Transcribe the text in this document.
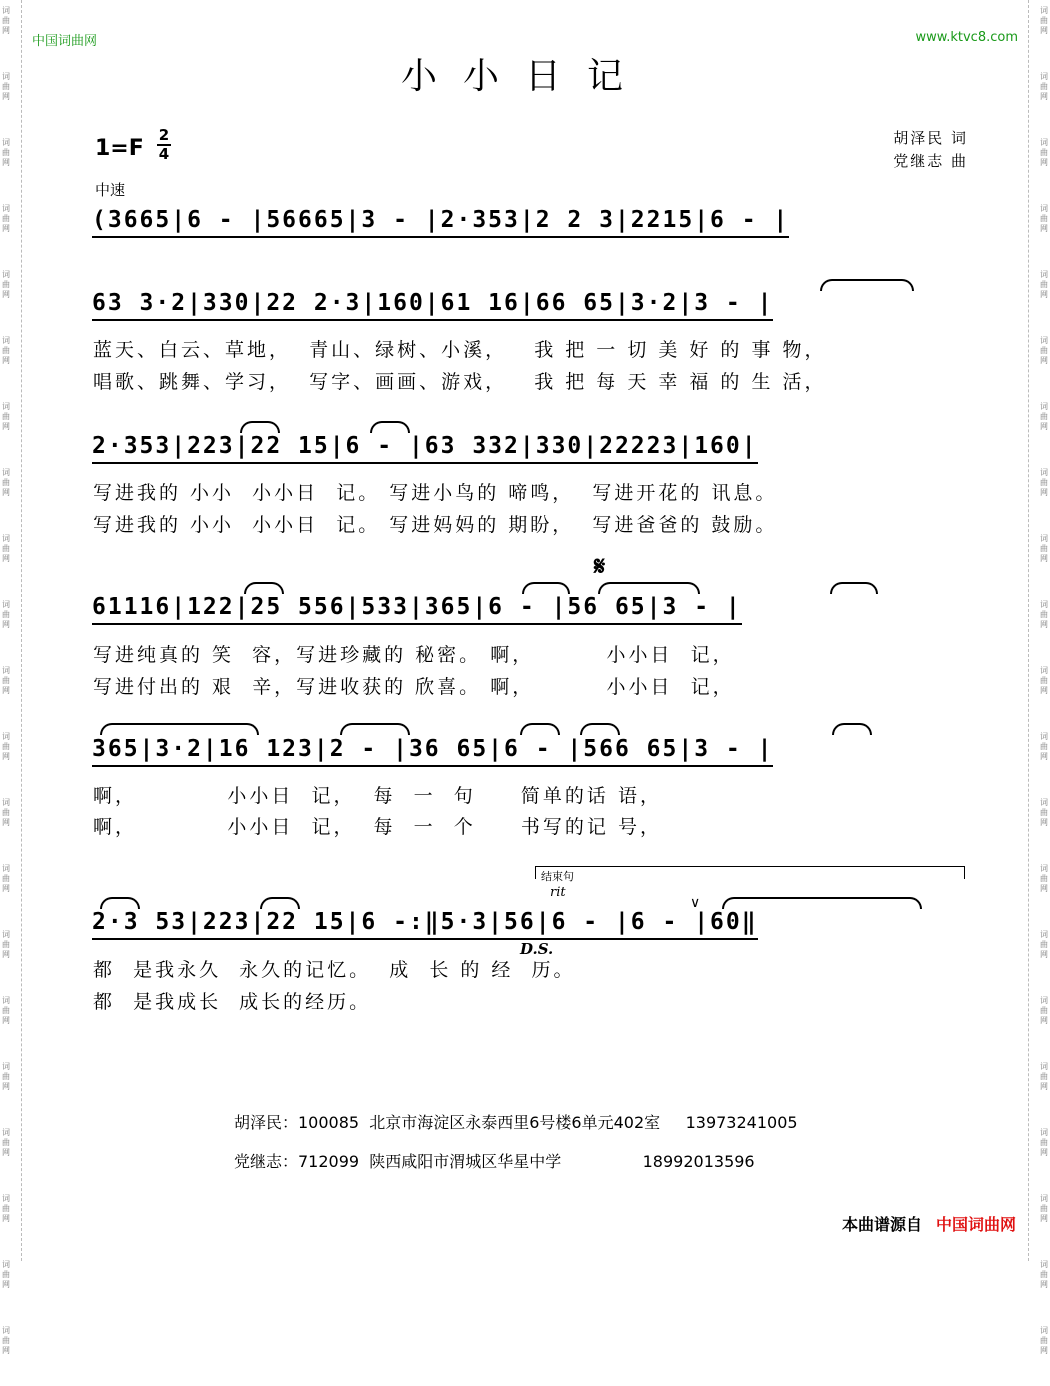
词
曲
网
词
曲
网
词
曲
网
词
曲
网
词
曲
网
词
曲
网
词
曲
网
词
曲
网
词
曲
网
词
曲
网
词
曲
网
词
曲
网
词
曲
网
词
曲
网
词
曲
网
词
曲
网
词
曲
网
词
曲
网
词
曲
网
词
曲
网
词
曲
网
词
曲
网
词
曲
网
词
曲
网
词
曲
网
词
曲
网
词
曲
网
词
曲
网
词
曲
网
词
曲
网
词
曲
网
词
曲
网
词
曲
网
词
曲
网
词
曲
网
词
曲
网
词
曲
网
词
曲
网
词
曲
网
词
曲
网
词
曲
网
词
曲
网
中国词曲网	www.ktvc8.com
小小日记
1=F
2
4
胡泽民 词
党继志 曲
中速
(3665|6 - |56665|3 - |2·353|2 2 3|2215|6 - |
63 3·2|330|22 2·3|160|61 16|66 65|3·2|3 - |
蓝天、白云、草地，  青山、绿树、小溪，   我 把 一 切 美 好 的 事 物，
唱歌、跳舞、学习，  写字、画画、游戏，   我 把 每 天 幸 福 的 生 活，
2·353|223|22 15|6 - |63 332|330|22223|160|
写进我的 小小  小小日  记。 写进小鸟的 啼鸣，  写进开花的 讯息。
写进我的 小小  小小日  记。 写进妈妈的 期盼，  写进爸爸的 鼓励。
𝄋
61116|122|25 556|533|365|6 - |56 65|3 - |
写进纯真的 笑  容，写进珍藏的 秘密。 啊，        小小日  记，
写进付出的 艰  辛，写进收获的 欣喜。 啊，        小小日  记，
365|3·2|16 123|2 - |36 65|6 - |566 65|3 - |
啊，          小小日  记，  每  一  句     简单的话 语，
啊，          小小日  记，  每  一  个     书写的记 号，
结束句
rit
∨
2·3 53|223|22 15|6 -:‖5·3|56|6 - |6 - |60‖
D.S.
都  是我永久  永久的记忆。  成  长 的 经  历。
都  是我成长  成长的经历。
胡泽民：100085  北京市海淀区永泰西里6号楼6单元402室     13973241005
党继志：712099  陕西咸阳市渭城区华星中学                18992013596
本曲谱源自 中国词曲网
